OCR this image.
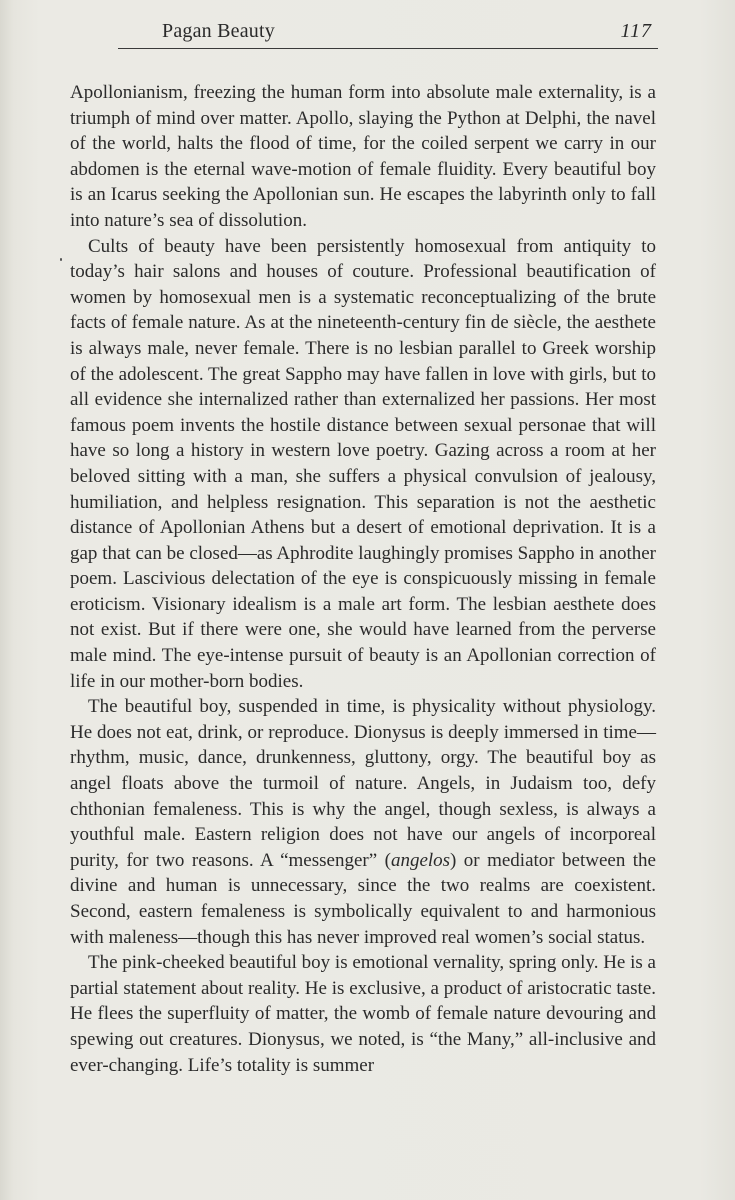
Pagan Beauty	117

Apollonianism, freezing the human form into absolute male externality, is a triumph of mind over matter. Apollo, slaying the Python at Delphi, the navel of the world, halts the flood of time, for the coiled serpent we carry in our abdomen is the eternal wave-motion of female fluidity. Every beautiful boy is an Icarus seeking the Apollonian sun. He escapes the labyrinth only to fall into nature’s sea of dissolution.

Cults of beauty have been persistently homosexual from antiquity to today’s hair salons and houses of couture. Professional beautification of women by homosexual men is a systematic reconceptualizing of the brute facts of female nature. As at the nineteenth-century fin de siècle, the aesthete is always male, never female. There is no lesbian parallel to Greek worship of the adolescent. The great Sappho may have fallen in love with girls, but to all evidence she internalized rather than externalized her passions. Her most famous poem invents the hostile distance between sexual personae that will have so long a history in western love poetry. Gazing across a room at her beloved sitting with a man, she suffers a physical convulsion of jealousy, humiliation, and helpless resignation. This separation is not the aesthetic distance of Apollonian Athens but a desert of emotional deprivation. It is a gap that can be closed—as Aphrodite laughingly promises Sappho in another poem. Lascivious delectation of the eye is conspicuously missing in female eroticism. Visionary idealism is a male art form. The lesbian aesthete does not exist. But if there were one, she would have learned from the perverse male mind. The eye-intense pursuit of beauty is an Apollonian correction of life in our mother-born bodies.

The beautiful boy, suspended in time, is physicality without physiology. He does not eat, drink, or reproduce. Dionysus is deeply immersed in time—rhythm, music, dance, drunkenness, gluttony, orgy. The beautiful boy as angel floats above the turmoil of nature. Angels, in Judaism too, defy chthonian femaleness. This is why the angel, though sexless, is always a youthful male. Eastern religion does not have our angels of incorporeal purity, for two reasons. A “messenger” (angelos) or mediator between the divine and human is unnecessary, since the two realms are coexistent. Second, eastern femaleness is symbolically equivalent to and harmonious with maleness—though this has never improved real women’s social status.

The pink-cheeked beautiful boy is emotional vernality, spring only. He is a partial statement about reality. He is exclusive, a product of aristocratic taste. He flees the superfluity of matter, the womb of female nature devouring and spewing out creatures. Dionysus, we noted, is “the Many,” all-inclusive and ever-changing. Life’s totality is summer
